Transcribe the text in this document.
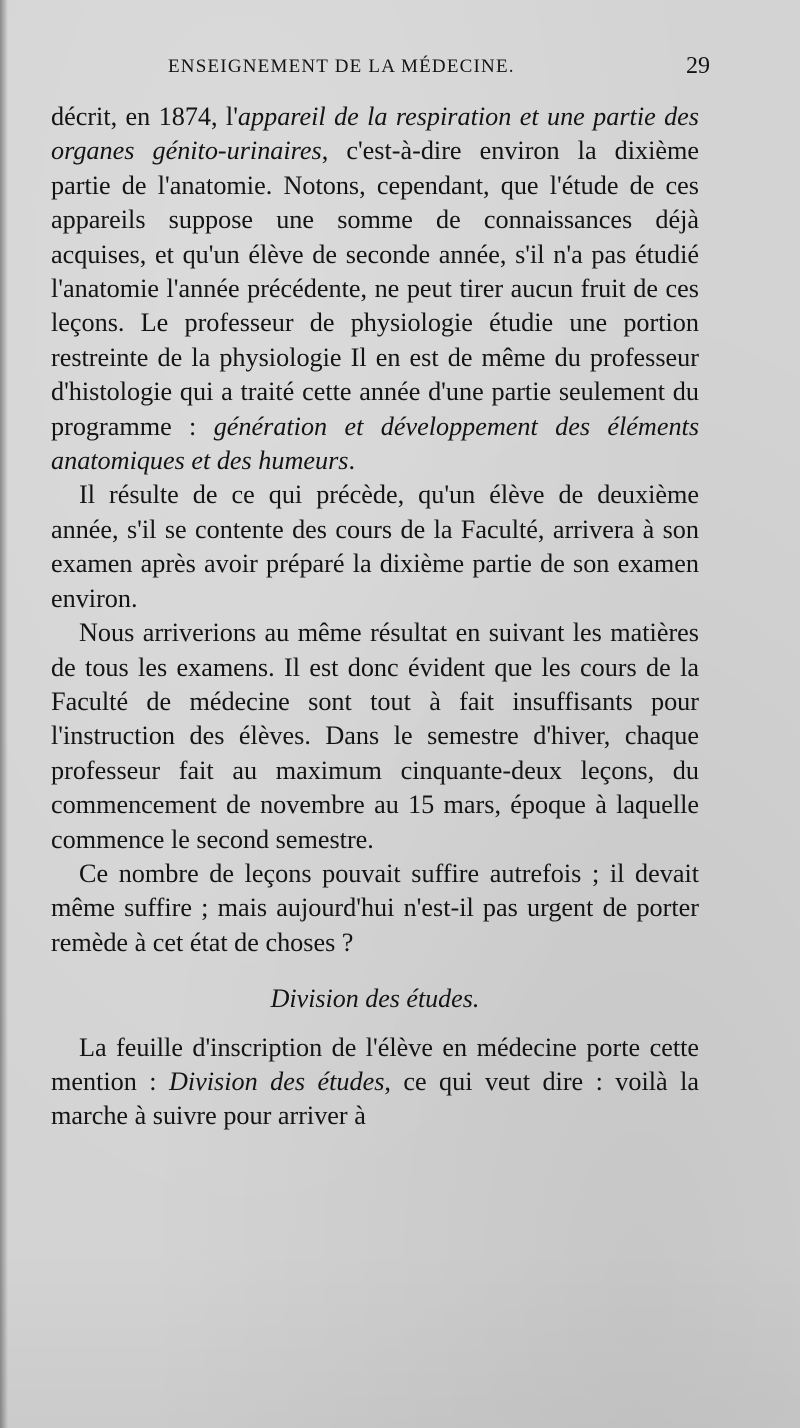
ENSEIGNEMENT DE LA MÉDECINE.	29

décrit, en 1874, l'appareil de la respiration et une partie des organes génito-urinaires, c'est-à-dire environ la dixième partie de l'anatomie. Notons, cependant, que l'étude de ces appareils suppose une somme de connaissances déjà acquises, et qu'un élève de seconde année, s'il n'a pas étudié l'anatomie l'année précédente, ne peut tirer aucun fruit de ces leçons. Le professeur de physiologie étudie une portion restreinte de la physiologie Il en est de même du professeur d'histologie qui a traité cette année d'une partie seulement du programme : génération et développement des éléments anatomiques et des humeurs.

Il résulte de ce qui précède, qu'un élève de deuxième année, s'il se contente des cours de la Faculté, arrivera à son examen après avoir préparé la dixième partie de son examen environ.

Nous arriverions au même résultat en suivant les matières de tous les examens. Il est donc évident que les cours de la Faculté de médecine sont tout à fait insuffisants pour l'instruction des élèves. Dans le semestre d'hiver, chaque professeur fait au maximum cinquante-deux leçons, du commencement de novembre au 15 mars, époque à laquelle commence le second semestre.

Ce nombre de leçons pouvait suffire autrefois ; il devait même suffire ; mais aujourd'hui n'est-il pas urgent de porter remède à cet état de choses ?

Division des études.

La feuille d'inscription de l'élève en médecine porte cette mention : Division des études, ce qui veut dire : voilà la marche à suivre pour arriver à
